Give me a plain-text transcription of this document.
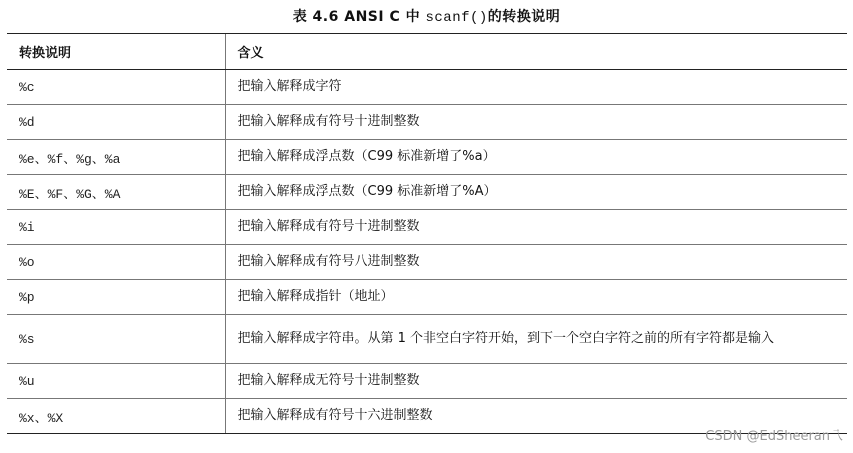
表 4.6 ANSI C 中 scanf()的转换说明
转换说明	含义
%c	把输入解释成字符
%d	把输入解释成有符号十进制整数
%e、%f、%g、%a	把输入解释成浮点数（C99 标准新增了%a）
%E、%F、%G、%A	把输入解释成浮点数（C99 标准新增了%A）
%i	把输入解释成有符号十进制整数
%o	把输入解释成有符号八进制整数
%p	把输入解释成指针（地址）
%s	把输入解释成字符串。从第 1 个非空白字符开始，到下一个空白字符之前的所有字符都是输入
%u	把输入解释成无符号十进制整数
%x、%X	把输入解释成有符号十六进制整数
CSDN @EdSheeran乁
